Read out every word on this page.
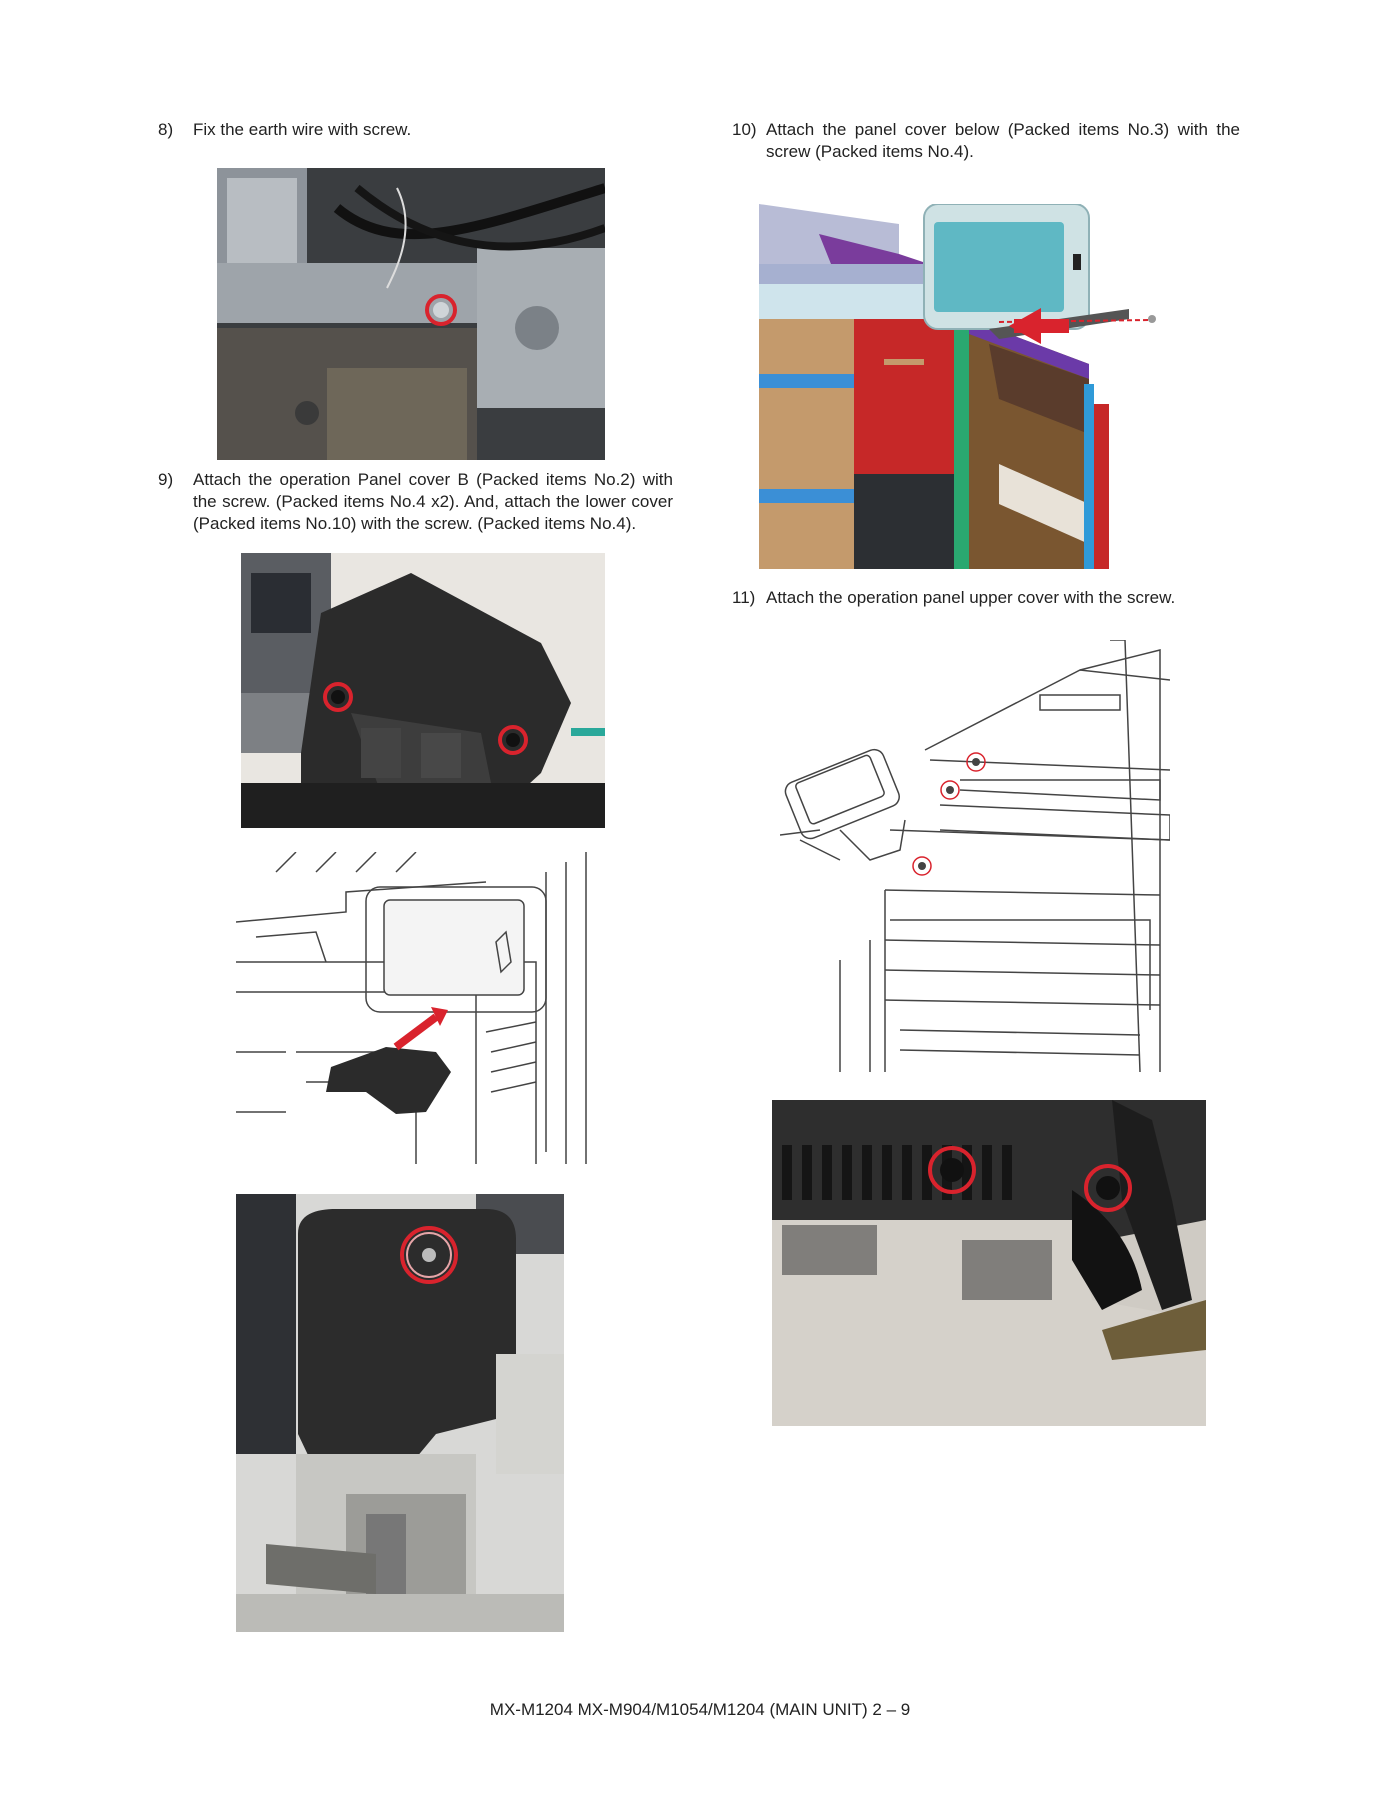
8) Fix the earth wire with screw.
9) Attach the operation Panel cover B (Packed items No.2) with the screw. (Packed items No.4 x2). And, attach the lower cover (Packed items No.10) with the screw. (Packed items No.4).
10) Attach the panel cover below (Packed items No.3) with the screw (Packed items No.4).
11) Attach the operation panel upper cover with the screw.
MX-M1204 MX-M904/M1054/M1204 (MAIN UNIT) 2 – 9
